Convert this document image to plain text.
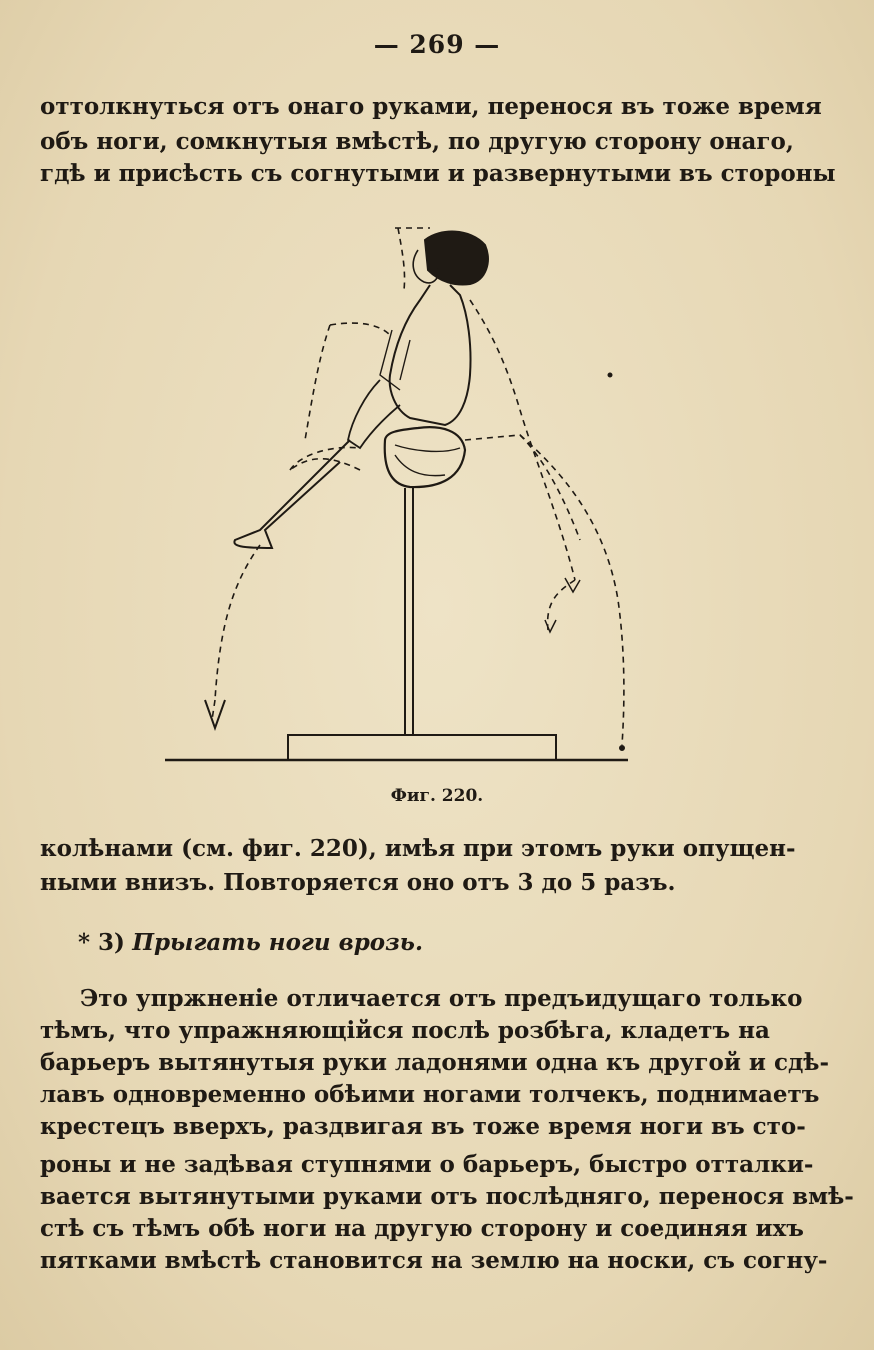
— 269 —
оттолкнуться отъ онаго руками, перенося въ тоже время
объ ноги, сомкнутыя вмѣстѣ, по другую сторону онаго,
гдѣ и присѣсть съ согнутыми и развернутыми въ стороны
Фиг. 220.
колѣнами (см. фиг. 220), имѣя при этомъ руки опущен-
ными внизъ. Повторяется оно отъ 3 до 5 разъ.
* 3) Прыгать ноги врозь.
Это упржненіе отличается отъ предъидущаго только
тѣмъ, что упражняющійся послѣ розбѣга, кладетъ на
барьеръ вытянутыя руки ладонями одна къ другой и сдѣ-
лавъ одновременно обѣими ногами толчекъ, поднимаетъ
крестецъ вверхъ, раздвигая въ тоже время ноги въ сто-
роны и не задѣвая ступнями о барьеръ, быстро отталки-
вается вытянутыми руками отъ послѣдняго, перенося вмѣ-
стѣ съ тѣмъ обѣ ноги на другую сторону и соединяя ихъ
пятками вмѣстѣ становится на землю на носки, съ согну-
